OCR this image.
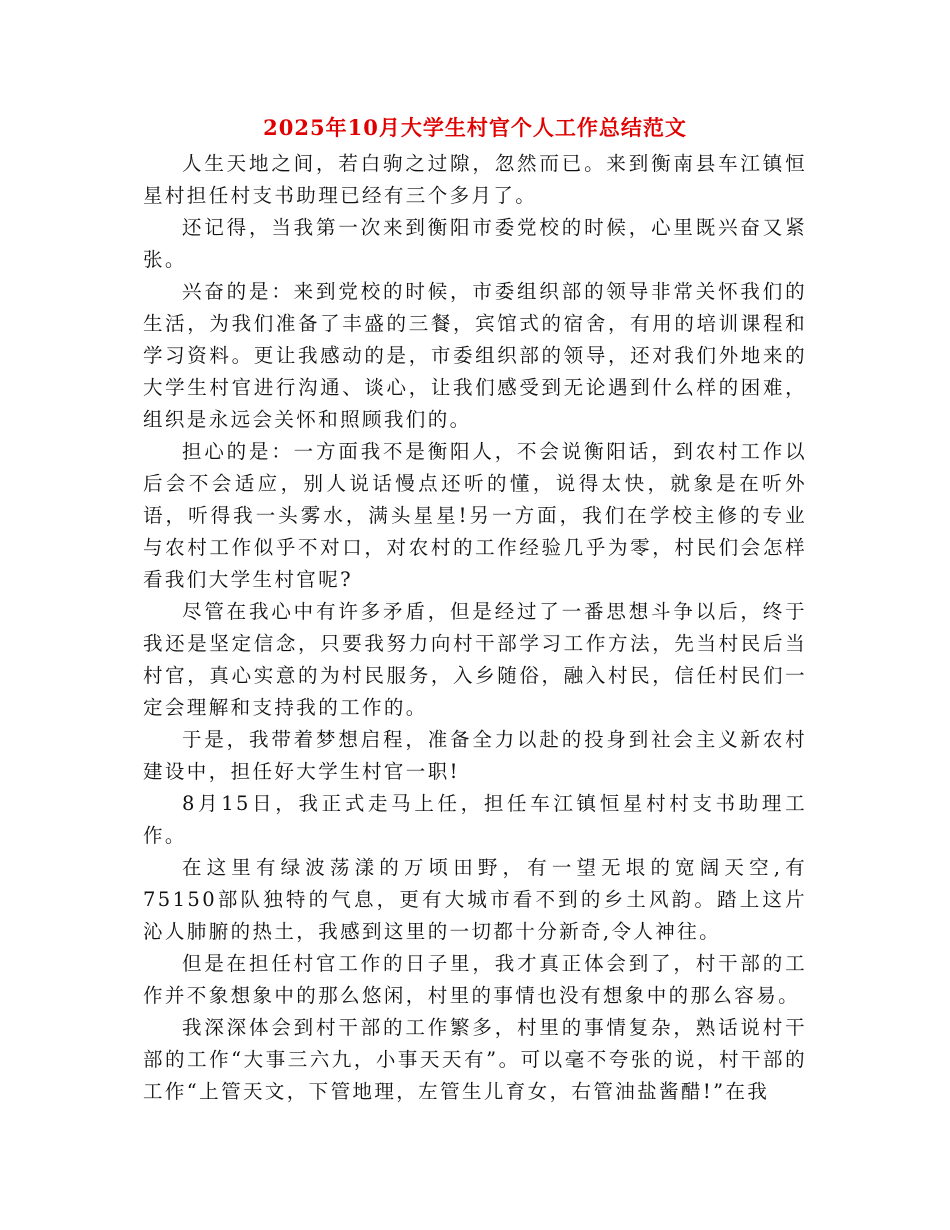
2025年10月大学生村官个人工作总结范文

人生天地之间，若白驹之过隙，忽然而已。来到衡南县车江镇恒星村担任村支书助理已经有三个多月了。

还记得，当我第一次来到衡阳市委党校的时候，心里既兴奋又紧张。

兴奋的是：来到党校的时候，市委组织部的领导非常关怀我们的生活，为我们准备了丰盛的三餐，宾馆式的宿舍，有用的培训课程和学习资料。更让我感动的是，市委组织部的领导，还对我们外地来的大学生村官进行沟通、谈心，让我们感受到无论遇到什么样的困难，组织是永远会关怀和照顾我们的。

担心的是：一方面我不是衡阳人，不会说衡阳话，到农村工作以后会不会适应，别人说话慢点还听的懂，说得太快，就象是在听外语，听得我一头雾水，满头星星!另一方面，我们在学校主修的专业与农村工作似乎不对口，对农村的工作经验几乎为零，村民们会怎样看我们大学生村官呢?

尽管在我心中有许多矛盾，但是经过了一番思想斗争以后，终于我还是坚定信念，只要我努力向村干部学习工作方法，先当村民后当村官，真心实意的为村民服务，入乡随俗，融入村民，信任村民们一定会理解和支持我的工作的。

于是，我带着梦想启程，准备全力以赴的投身到社会主义新农村建设中，担任好大学生村官一职!

8月15日，我正式走马上任，担任车江镇恒星村村支书助理工作。

在这里有绿波荡漾的万顷田野，有一望无垠的宽阔天空,有75150部队独特的气息，更有大城市看不到的乡土风韵。踏上这片沁人肺腑的热土，我感到这里的一切都十分新奇,令人神往。

但是在担任村官工作的日子里，我才真正体会到了，村干部的工作并不象想象中的那么悠闲，村里的事情也没有想象中的那么容易。

我深深体会到村干部的工作繁多，村里的事情复杂，熟话说村干部的工作“大事三六九，小事天天有”。可以毫不夸张的说，村干部的工作“上管天文，下管地理，左管生儿育女，右管油盐酱醋!”在我
